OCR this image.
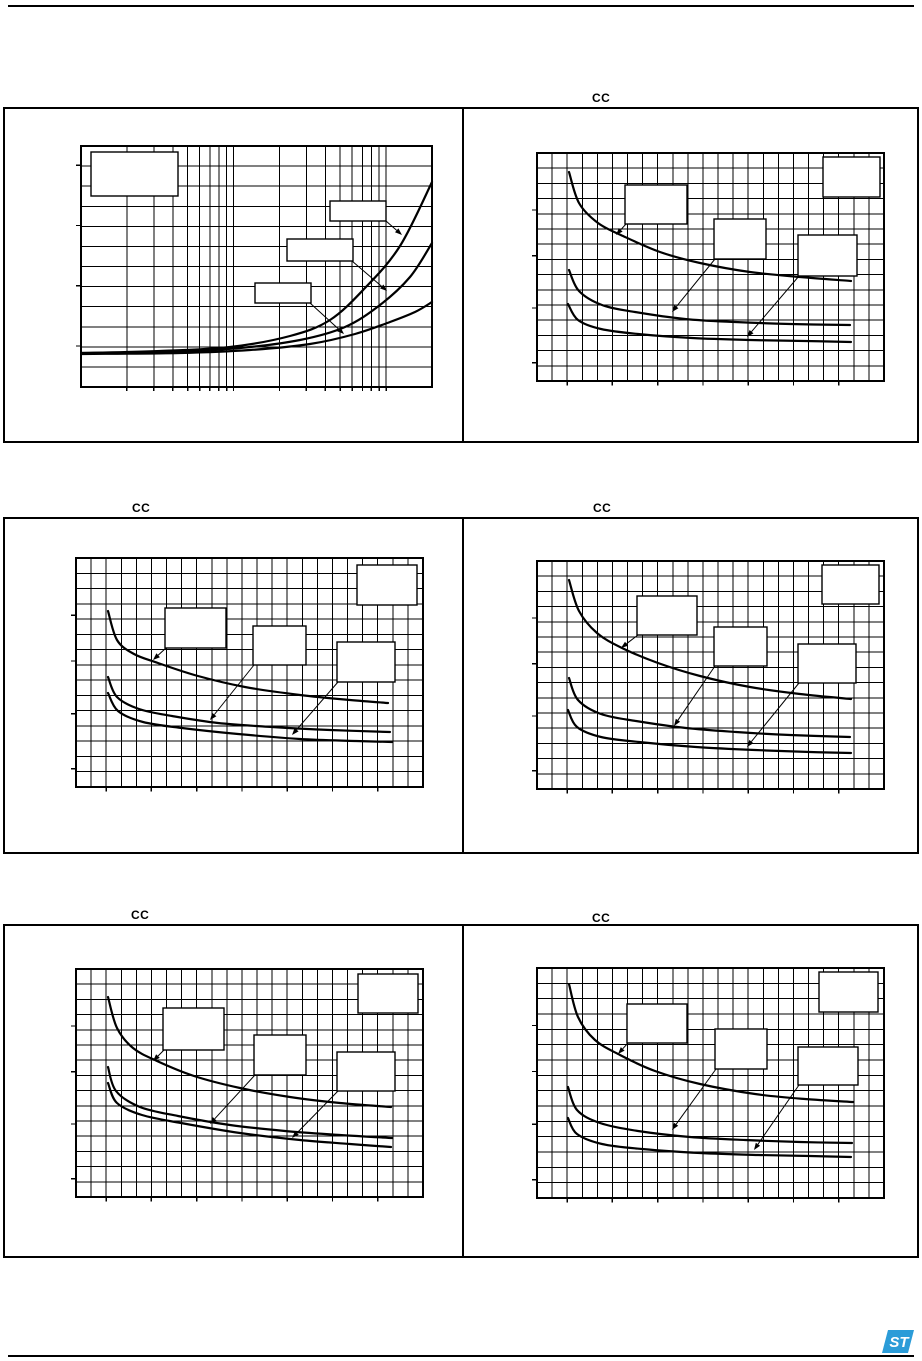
ST
CC
CC	CC
CC	CC
